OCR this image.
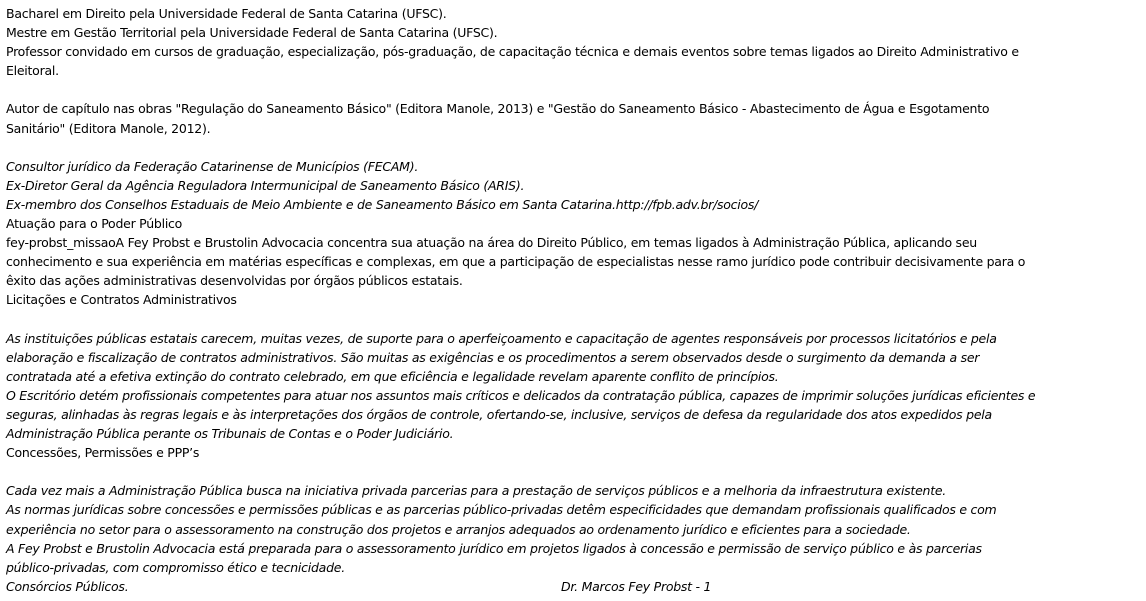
Bacharel em Direito pela Universidade Federal de Santa Catarina (UFSC).
Mestre em Gestão Territorial pela Universidade Federal de Santa Catarina (UFSC).
Professor convidado em cursos de graduação, especialização, pós-graduação, de capacitação técnica e demais eventos sobre temas ligados ao Direito Administrativo e
Eleitoral.
Autor de capítulo nas obras "Regulação do Saneamento Básico" (Editora Manole, 2013) e "Gestão do Saneamento Básico - Abastecimento de Água e Esgotamento
Sanitário" (Editora Manole, 2012).
Consultor jurídico da Federação Catarinense de Municípios (FECAM).
Ex-Diretor Geral da Agência Reguladora Intermunicipal de Saneamento Básico (ARIS).
Ex-membro dos Conselhos Estaduais de Meio Ambiente e de Saneamento Básico em Santa Catarina.http://fpb.adv.br/socios/
Atuação para o Poder Público
fey-probst_missaoA Fey Probst e Brustolin Advocacia concentra sua atuação na área do Direito Público, em temas ligados à Administração Pública, aplicando seu
conhecimento e sua experiência em matérias específicas e complexas, em que a participação de especialistas nesse ramo jurídico pode contribuir decisivamente para o
êxito das ações administrativas desenvolvidas por órgãos públicos estatais.
Licitações e Contratos Administrativos
As instituições públicas estatais carecem, muitas vezes, de suporte para o aperfeiçoamento e capacitação de agentes responsáveis por processos licitatórios e pela
elaboração e fiscalização de contratos administrativos. São muitas as exigências e os procedimentos a serem observados desde o surgimento da demanda a ser
contratada até a efetiva extinção do contrato celebrado, em que eficiência e legalidade revelam aparente conflito de princípios.
O Escritório detém profissionais competentes para atuar nos assuntos mais críticos e delicados da contratação pública, capazes de imprimir soluções jurídicas eficientes e
seguras, alinhadas às regras legais e às interpretações dos órgãos de controle, ofertando-se, inclusive, serviços de defesa da regularidade dos atos expedidos pela
Administração Pública perante os Tribunais de Contas e o Poder Judiciário.
Concessões, Permissões e PPP’s
Cada vez mais a Administração Pública busca na iniciativa privada parcerias para a prestação de serviços públicos e a melhoria da infraestrutura existente.
As normas jurídicas sobre concessões e permissões públicas e as parcerias público-privadas detêm especificidades que demandam profissionais qualificados e com
experiência no setor para o assessoramento na construção dos projetos e arranjos adequados ao ordenamento jurídico e eficientes para a sociedade.
A Fey Probst e Brustolin Advocacia está preparada para o assessoramento jurídico em projetos ligados à concessão e permissão de serviço público e às parcerias
público-privadas, com compromisso ético e tecnicidade.
Consórcios Públicos.	Dr. Marcos Fey Probst - 1
